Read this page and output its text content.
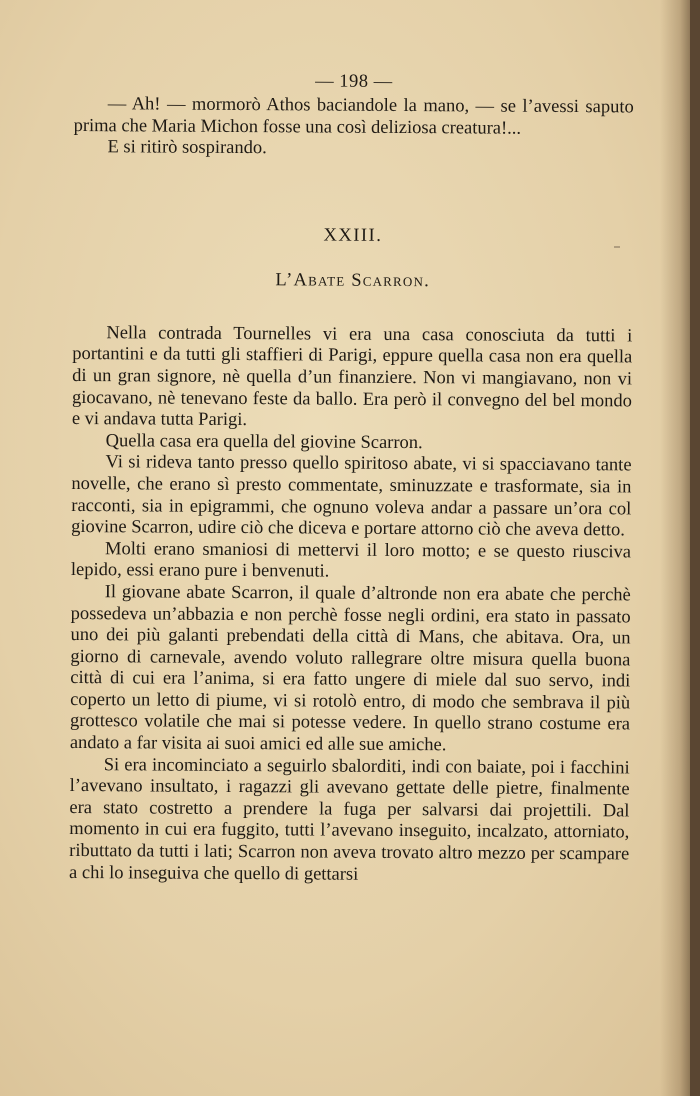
— 198 —

— Ah! — mormorò Athos baciandole la mano, — se l’avessi saputo prima che Maria Michon fosse una così deliziosa creatura!...

E si ritirò sospirando.

XXIII.
L’Abate Scarron.

Nella contrada Tournelles vi era una casa conosciuta da tutti i portantini e da tutti gli staffieri di Parigi, eppure quella casa non era quella di un gran signore, nè quella d’un finanziere. Non vi mangiavano, non vi giocavano, nè tenevano feste da ballo. Era però il convegno del bel mondo e vi andava tutta Parigi.

Quella casa era quella del giovine Scarron.

Vi si rideva tanto presso quello spiritoso abate, vi si spacciavano tante novelle, che erano sì presto commentate, sminuzzate e trasformate, sia in racconti, sia in epigrammi, che ognuno voleva andar a passare un’ora col giovine Scarron, udire ciò che diceva e portare attorno ciò che aveva detto.

Molti erano smaniosi di mettervi il loro motto; e se questo riusciva lepido, essi erano pure i benvenuti.

Il giovane abate Scarron, il quale d’altronde non era abate che perchè possedeva un’abbazia e non perchè fosse negli ordini, era stato in passato uno dei più galanti prebendati della città di Mans, che abitava. Ora, un giorno di carnevale, avendo voluto rallegrare oltre misura quella buona città di cui era l’anima, si era fatto ungere di miele dal suo servo, indi coperto un letto di piume, vi si rotolò entro, di modo che sembrava il più grottesco volatile che mai si potesse vedere. In quello strano costume era andato a far visita ai suoi amici ed alle sue amiche.

Si era incominciato a seguirlo sbalorditi, indi con baiate, poi i facchini l’avevano insultato, i ragazzi gli avevano gettate delle pietre, finalmente era stato costretto a prendere la fuga per salvarsi dai projettili. Dal momento in cui era fuggito, tutti l’avevano inseguito, incalzato, attorniato, ributtato da tutti i lati; Scarron non aveva trovato altro mezzo per scampare a chi lo inseguiva che quello di gettarsi
